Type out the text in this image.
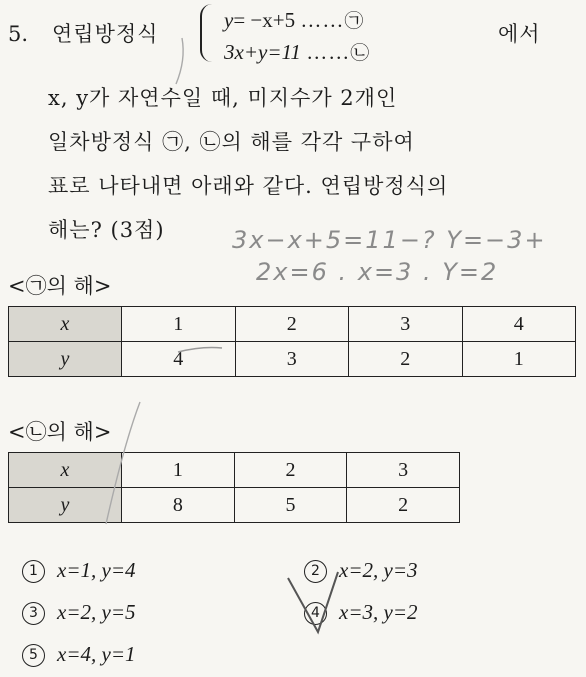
5. 연립방정식
y= −x+5 ……㉠
3x+y=11 ……㉡
에서
x, y가 자연수일 때, 미지수가 2개인
일차방정식 ㉠, ㉡의 해를 각각 구하여
표로 나타내면 아래와 같다. 연립방정식의
해는? (3점)	3x−x+5=11−? Y=−3+
2x=6 . x=3 . Y=2
<㉠의 해>
x	1	2	3	4
y	4	3	2	1
<㉡의 해>
x	1	2	3
y	8	5	2
1 x=1, y=4	2 x=2, y=3
3 x=2, y=5	4 x=3, y=2
5 x=4, y=1
